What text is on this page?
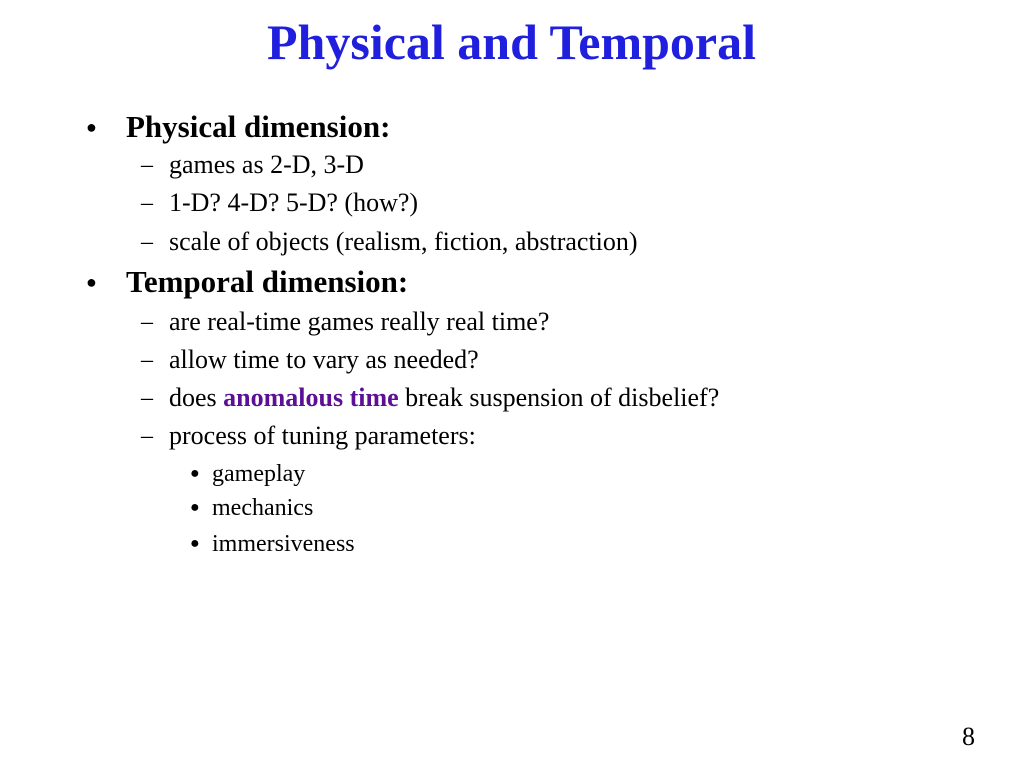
Physical and Temporal
● Physical dimension:
– games as 2-D, 3-D
– 1-D? 4-D? 5-D? (how?)
– scale of objects (realism, fiction, abstraction)
● Temporal dimension:
– are real-time games really real time?
– allow time to vary as needed?
– does anomalous time break suspension of disbelief?
– process of tuning parameters:
● gameplay
● mechanics
● immersiveness
8
